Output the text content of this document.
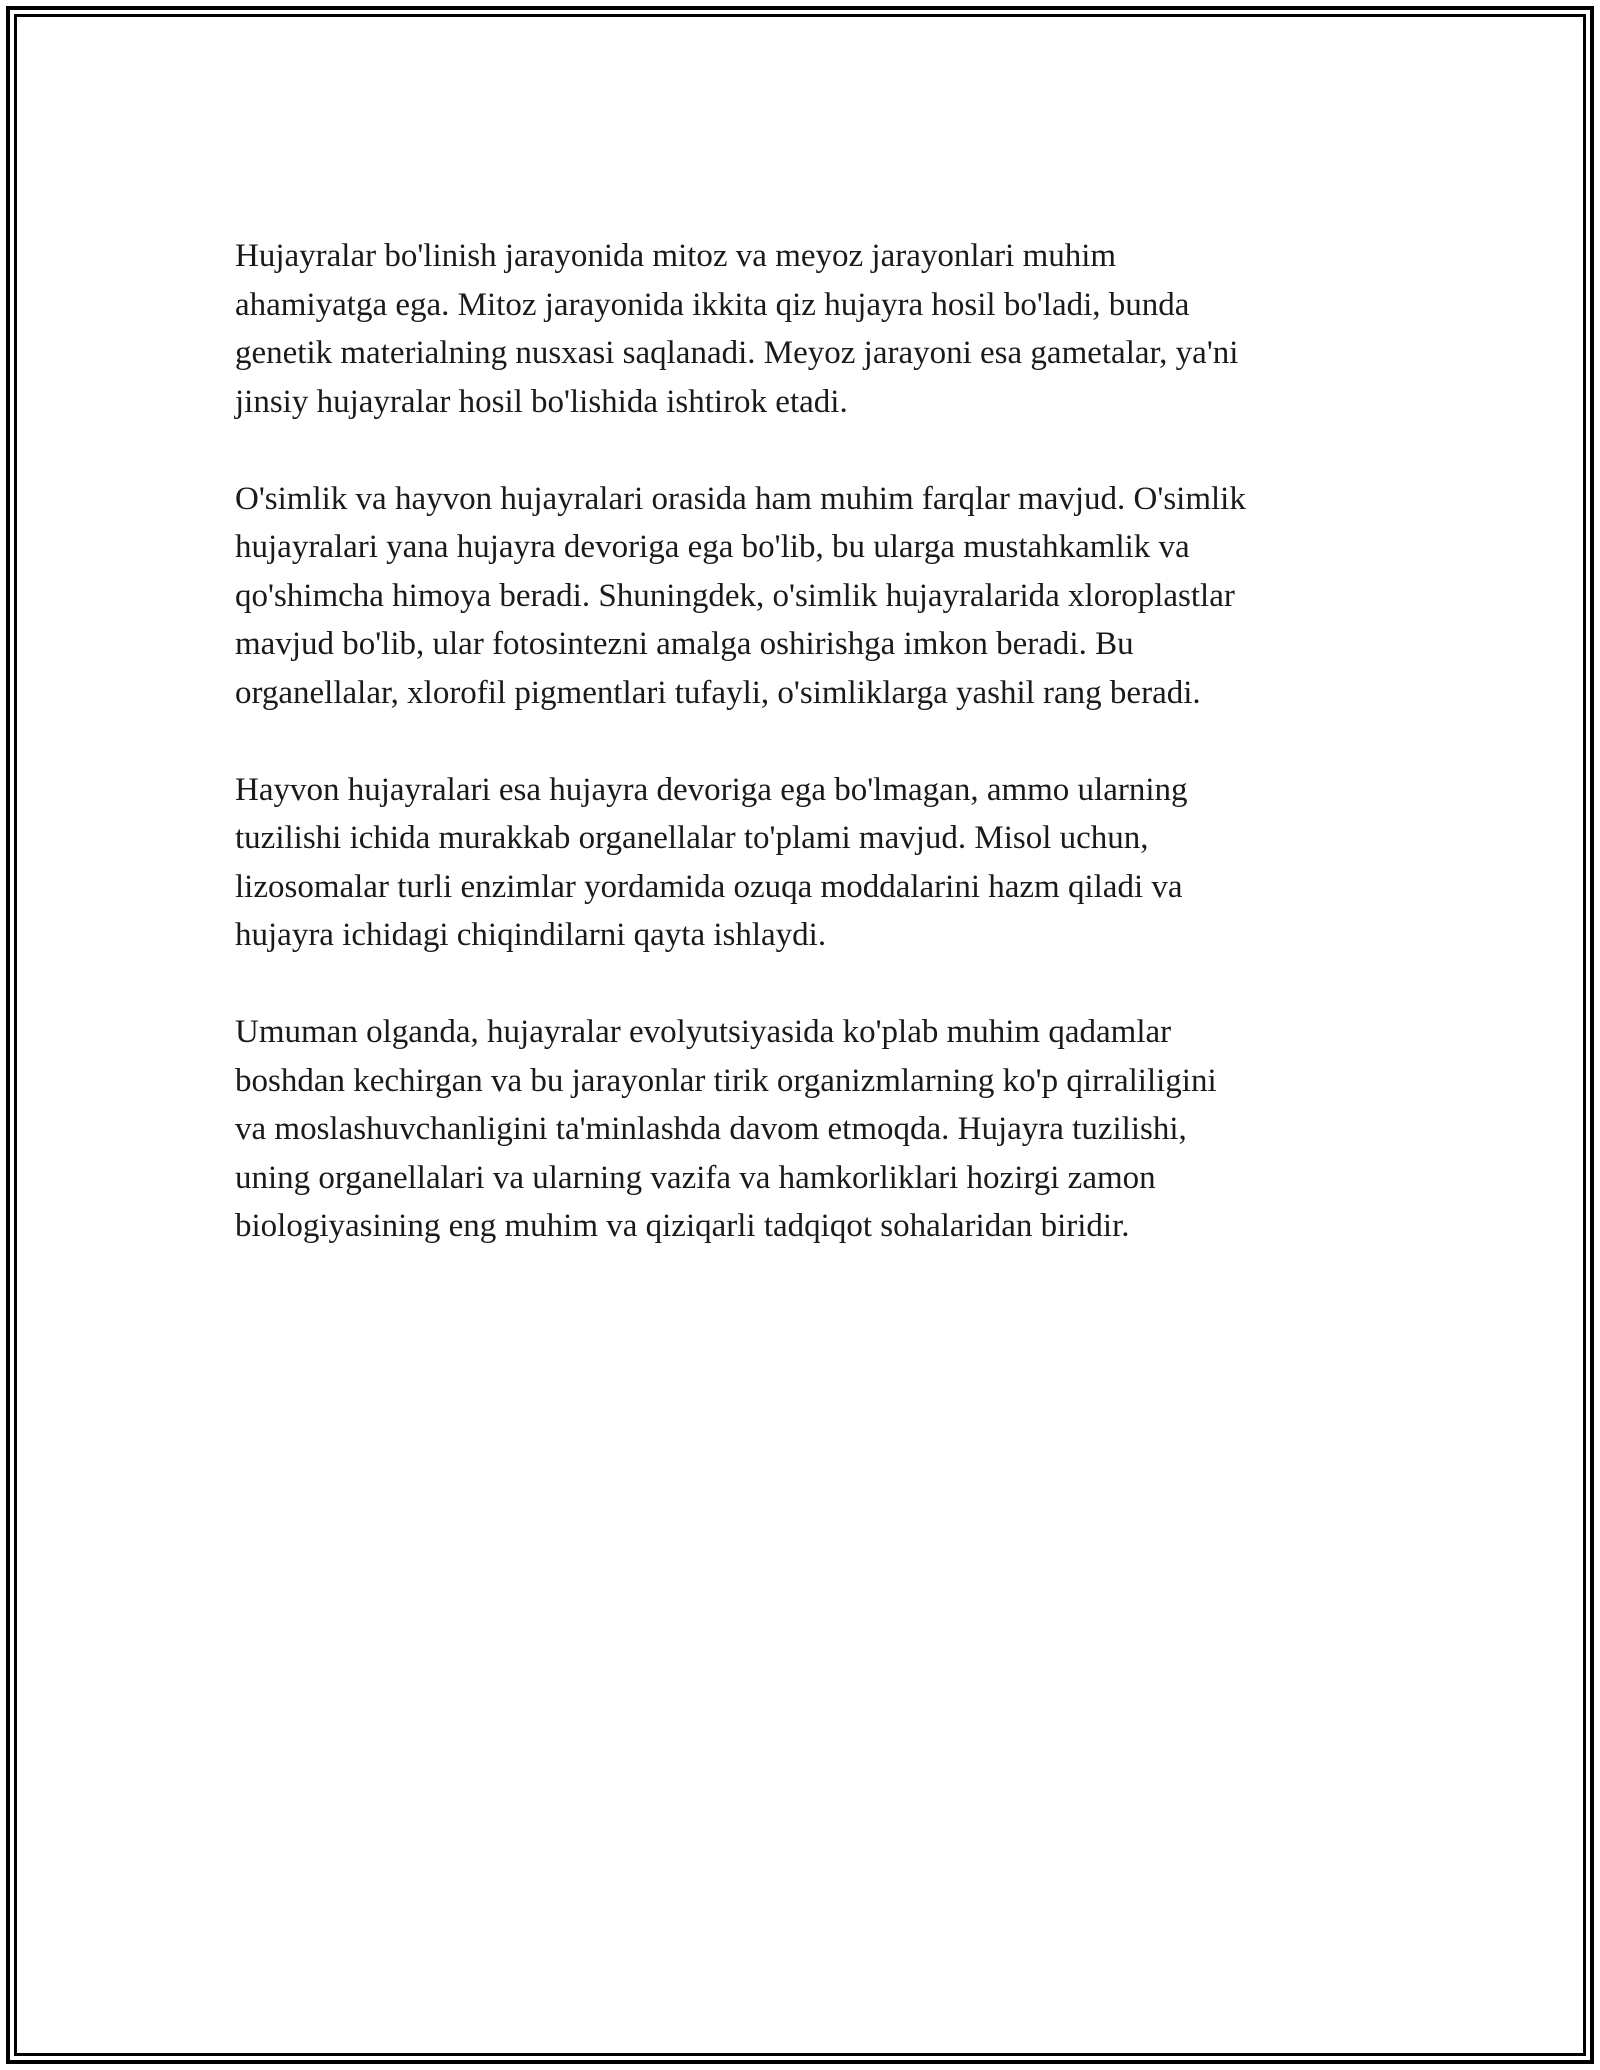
Hujayralar bo'linish jarayonida mitoz va meyoz jarayonlari muhim
ahamiyatga ega. Mitoz jarayonida ikkita qiz hujayra hosil bo'ladi, bunda
genetik materialning nusxasi saqlanadi. Meyoz jarayoni esa gametalar, ya'ni
jinsiy hujayralar hosil bo'lishida ishtirok etadi.

O'simlik va hayvon hujayralari orasida ham muhim farqlar mavjud. O'simlik
hujayralari yana hujayra devoriga ega bo'lib, bu ularga mustahkamlik va
qo'shimcha himoya beradi. Shuningdek, o'simlik hujayralarida xloroplastlar
mavjud bo'lib, ular fotosintezni amalga oshirishga imkon beradi. Bu
organellalar, xlorofil pigmentlari tufayli, o'simliklarga yashil rang beradi.

Hayvon hujayralari esa hujayra devoriga ega bo'lmagan, ammo ularning
tuzilishi ichida murakkab organellalar to'plami mavjud. Misol uchun,
lizosomalar turli enzimlar yordamida ozuqa moddalarini hazm qiladi va
hujayra ichidagi chiqindilarni qayta ishlaydi.

Umuman olganda, hujayralar evolyutsiyasida ko'plab muhim qadamlar
boshdan kechirgan va bu jarayonlar tirik organizmlarning ko'p qirraliligini
va moslashuvchanligini ta'minlashda davom etmoqda. Hujayra tuzilishi,
uning organellalari va ularning vazifa va hamkorliklari hozirgi zamon
biologiyasining eng muhim va qiziqarli tadqiqot sohalaridan biridir.
